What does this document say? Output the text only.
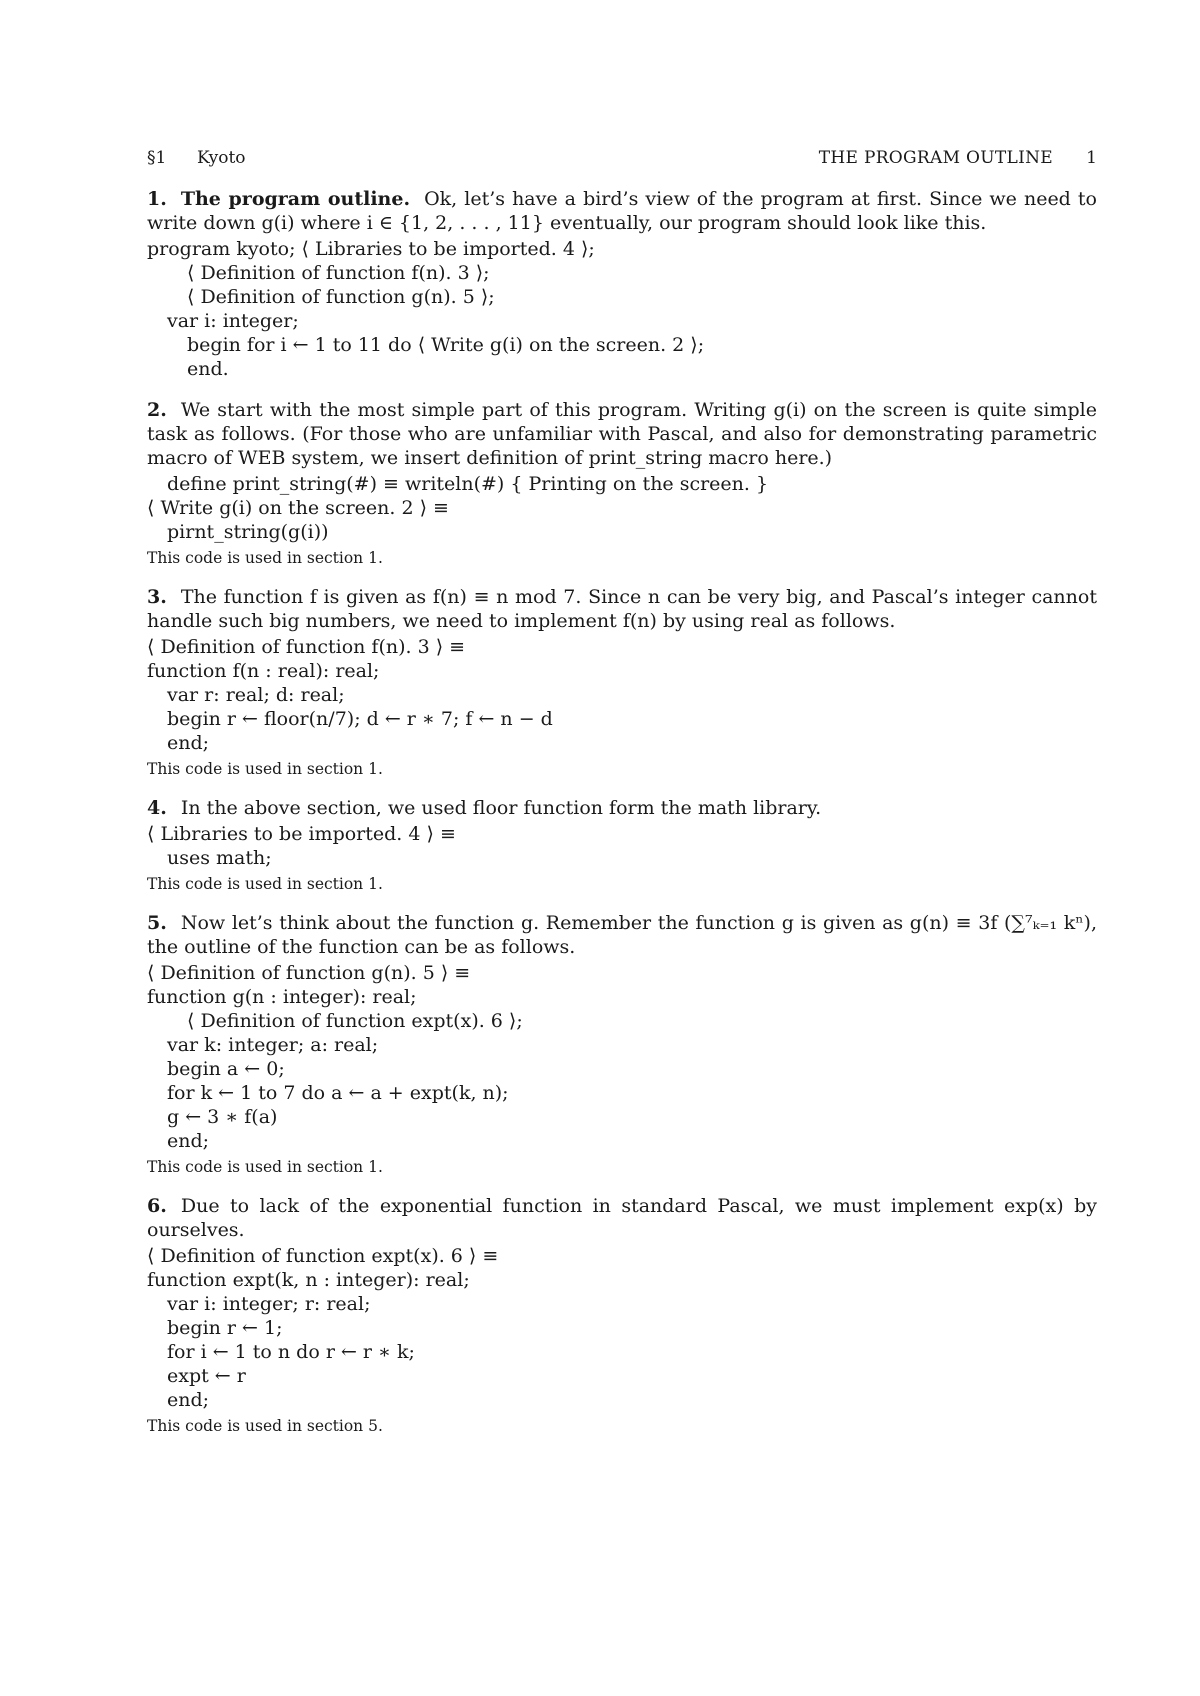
§1 Kyoto	THE PROGRAM OUTLINE 1

1. The program outline. Ok, let’s have a bird’s view of the program at first. Since we need to write down g(i) where i ∈ {1, 2, . . . , 11} eventually, our program should look like this.

program kyoto; ⟨ Libraries to be imported. 4 ⟩;
⟨ Definition of function f(n). 3 ⟩;
⟨ Definition of function g(n). 5 ⟩;
var i: integer;
begin for i ← 1 to 11 do ⟨ Write g(i) on the screen. 2 ⟩;
end.

2. We start with the most simple part of this program. Writing g(i) on the screen is quite simple task as follows. (For those who are unfamiliar with Pascal, and also for demonstrating parametric macro of WEB system, we insert definition of print_string macro here.)

define print_string(#) ≡ writeln(#) { Printing on the screen. }
⟨ Write g(i) on the screen. 2 ⟩ ≡
pirnt_string(g(i))
This code is used in section 1.

3. The function f is given as f(n) ≡ n mod 7. Since n can be very big, and Pascal’s integer cannot handle such big numbers, we need to implement f(n) by using real as follows.

⟨ Definition of function f(n). 3 ⟩ ≡
function f(n : real): real;
var r: real; d: real;
begin r ← floor(n/7); d ← r ∗ 7; f ← n − d
end;
This code is used in section 1.

4. In the above section, we used floor function form the math library.

⟨ Libraries to be imported. 4 ⟩ ≡
uses math;
This code is used in section 1.

5. Now let’s think about the function g. Remember the function g is given as g(n) ≡ 3f (∑⁷ₖ₌₁ kⁿ), the outline of the function can be as follows.

⟨ Definition of function g(n). 5 ⟩ ≡
function g(n : integer): real;
⟨ Definition of function expt(x). 6 ⟩;
var k: integer; a: real;
begin a ← 0;
for k ← 1 to 7 do a ← a + expt(k, n);
g ← 3 ∗ f(a)
end;
This code is used in section 1.

6. Due to lack of the exponential function in standard Pascal, we must implement exp(x) by ourselves.

⟨ Definition of function expt(x). 6 ⟩ ≡
function expt(k, n : integer): real;
var i: integer; r: real;
begin r ← 1;
for i ← 1 to n do r ← r ∗ k;
expt ← r
end;
This code is used in section 5.
